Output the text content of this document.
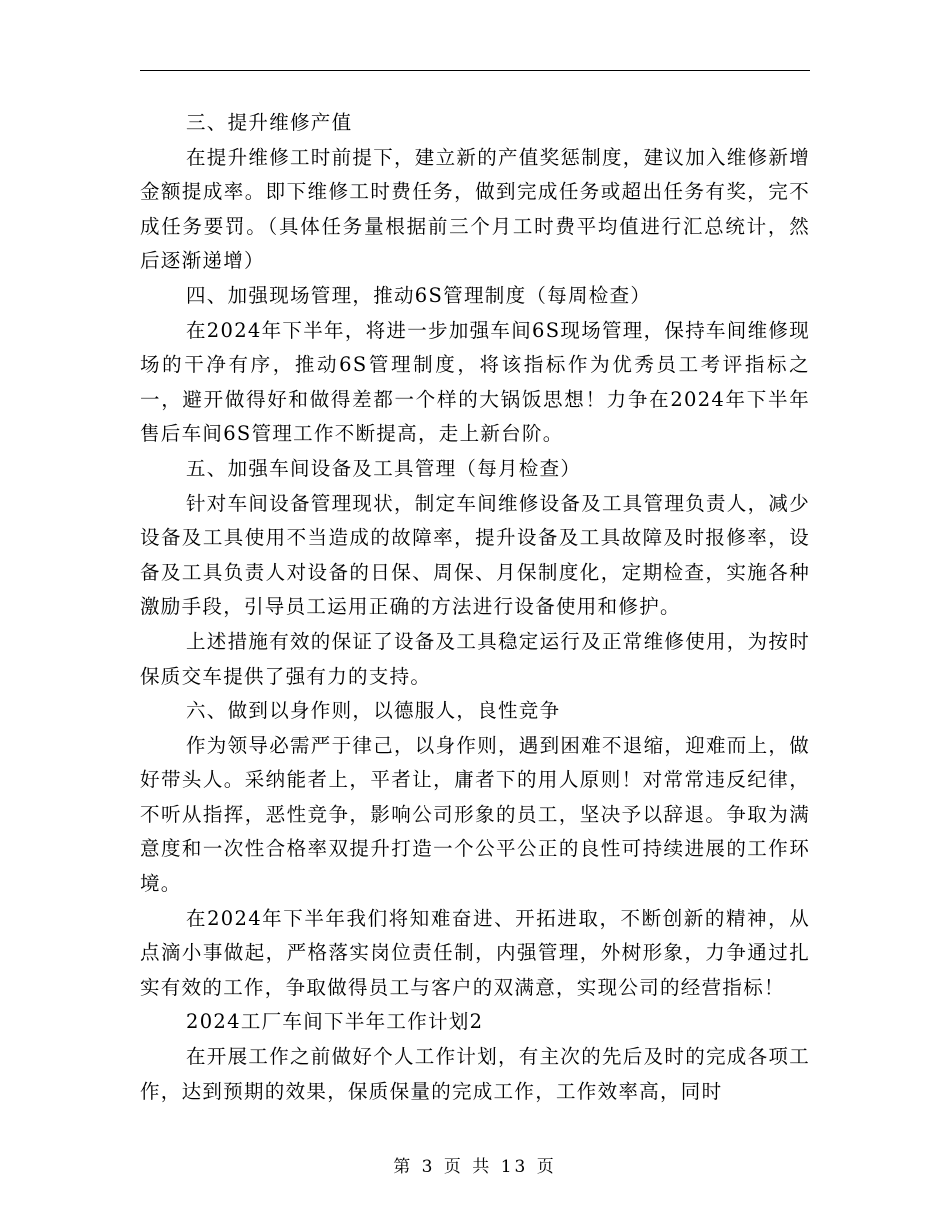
三、提升维修产值

在提升维修工时前提下，建立新的产值奖惩制度，建议加入维修新增金额提成率。即下维修工时费任务，做到完成任务或超出任务有奖，完不成任务要罚。（具体任务量根据前三个月工时费平均值进行汇总统计，然后逐渐递增）

四、加强现场管理，推动6S管理制度（每周检查）

在2024年下半年，将进一步加强车间6S现场管理，保持车间维修现场的干净有序，推动6S管理制度，将该指标作为优秀员工考评指标之一，避开做得好和做得差都一个样的大锅饭思想！力争在2024年下半年售后车间6S管理工作不断提高，走上新台阶。

五、加强车间设备及工具管理（每月检查）

针对车间设备管理现状，制定车间维修设备及工具管理负责人，减少设备及工具使用不当造成的故障率，提升设备及工具故障及时报修率，设备及工具负责人对设备的日保、周保、月保制度化，定期检查，实施各种激励手段，引导员工运用正确的方法进行设备使用和修护。

上述措施有效的保证了设备及工具稳定运行及正常维修使用，为按时保质交车提供了强有力的支持。

六、做到以身作则，以德服人，良性竞争

作为领导必需严于律己，以身作则，遇到困难不退缩，迎难而上，做好带头人。采纳能者上，平者让，庸者下的用人原则！对常常违反纪律，不听从指挥，恶性竞争，影响公司形象的员工，坚决予以辞退。争取为满意度和一次性合格率双提升打造一个公平公正的良性可持续进展的工作环境。

在2024年下半年我们将知难奋进、开拓进取，不断创新的精神，从点滴小事做起，严格落实岗位责任制，内强管理，外树形象，力争通过扎实有效的工作，争取做得员工与客户的双满意，实现公司的经营指标！

2024工厂车间下半年工作计划2

在开展工作之前做好个人工作计划，有主次的先后及时的完成各项工作，达到预期的效果，保质保量的完成工作，工作效率高，同时

第 3 页 共 13 页
